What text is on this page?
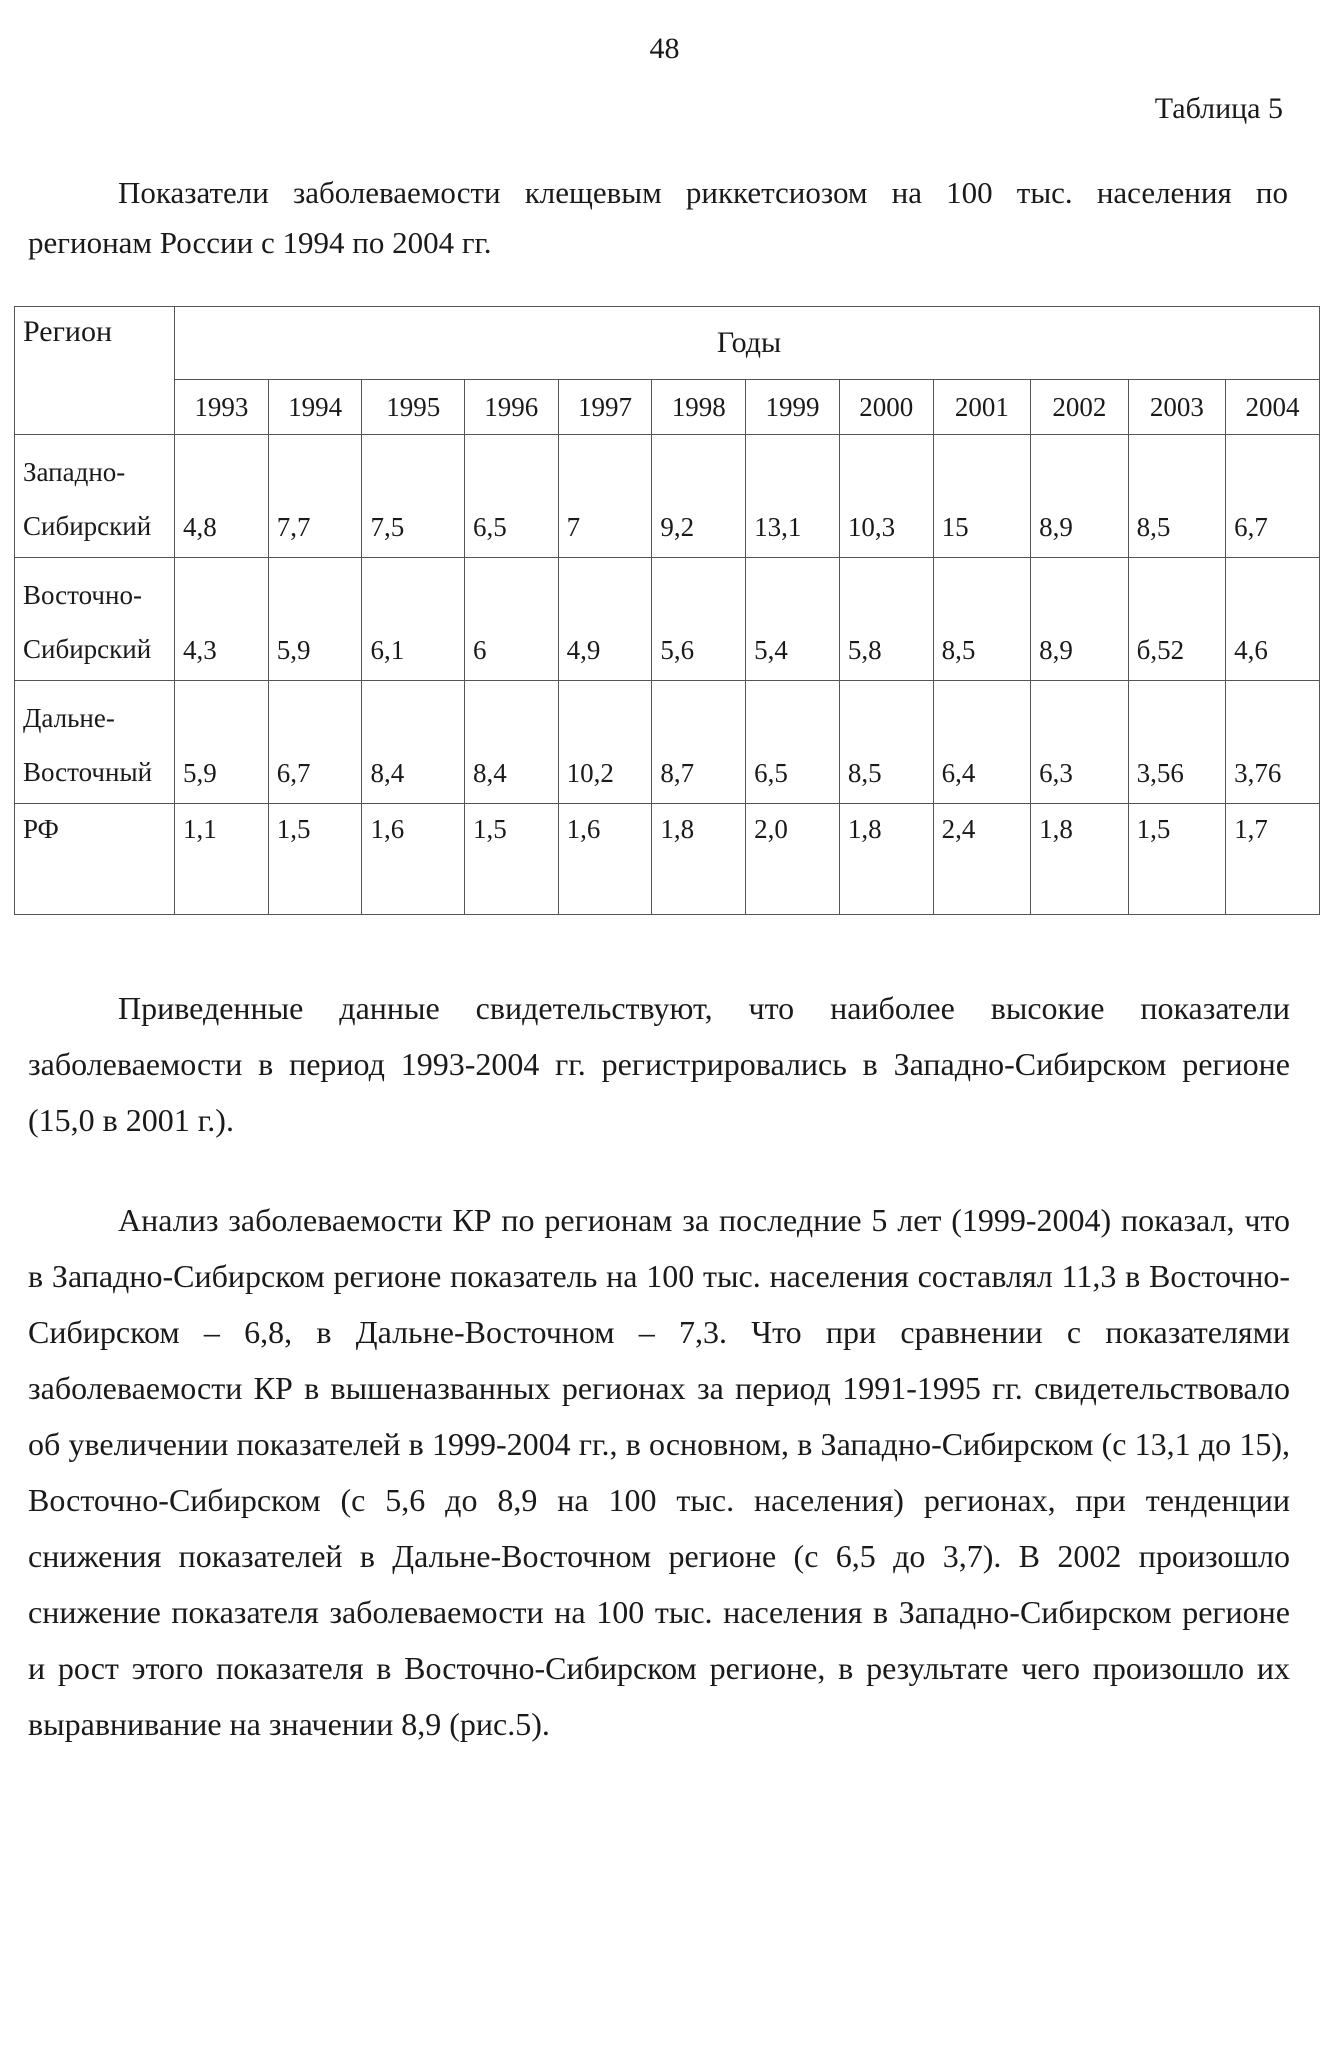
48
Таблица 5
Показатели заболеваемости клещевым риккетсиозом на 100 тыс. населения по регионам России с 1994 по 2004 гг.
Регион	Годы											
	1993	1994	1995	1996	1997	1998	1999	2000	2001	2002	2003	2004
Западно-
Сибирский	4,8	7,7	7,5	6,5	7	9,2	13,1	10,3	15	8,9	8,5	6,7
Восточно-
Сибирский	4,3	5,9	6,1	6	4,9	5,6	5,4	5,8	8,5	8,9	б,52	4,6
Дальне-
Восточный	5,9	6,7	8,4	8,4	10,2	8,7	6,5	8,5	6,4	6,3	3,56	3,76
РФ	1,1	1,5	1,6	1,5	1,6	1,8	2,0	1,8	2,4	1,8	1,5	1,7

Приведенные данные свидетельствуют, что наиболее высокие показатели заболеваемости в период 1993-2004 гг. регистрировались в Западно-Сибирском регионе (15,0 в 2001 г.).

Анализ заболеваемости КР по регионам за последние 5 лет (1999-2004) показал, что в Западно-Сибирском регионе показатель на 100 тыс. населения составлял 11,3 в Восточно-Сибирском – 6,8, в Дальне-Восточном – 7,3. Что при сравнении с показателями заболеваемости КР в вышеназванных регионах за период 1991-1995 гг. свидетельствовало об увеличении показателей в 1999-2004 гг., в основном, в Западно-Сибирском (с 13,1 до 15), Восточно-Сибирском (с 5,6 до 8,9 на 100 тыс. населения) регионах, при тенденции снижения показателей в Дальне-Восточном регионе (с 6,5 до 3,7). В 2002 произошло снижение показателя заболеваемости на 100 тыс. населения в Западно-Сибирском регионе и рост этого показателя в Восточно-Сибирском регионе, в результате чего произошло их выравнивание на значении 8,9 (рис.5).
